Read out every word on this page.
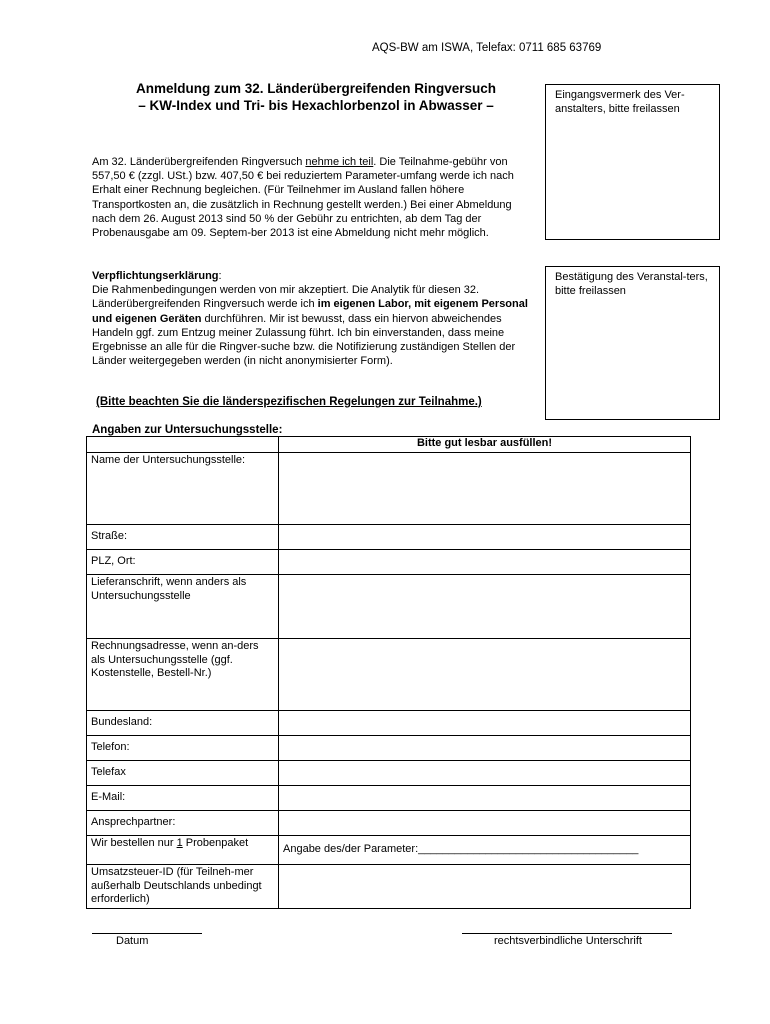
AQS-BW am ISWA, Telefax: 0711 685 63769
Anmeldung zum 32. Länderübergreifenden Ringversuch
– KW-Index und Tri- bis Hexachlorbenzol in Abwasser –
Eingangsvermerk des Ver-anstalters, bitte freilassen
Bestätigung des Veranstal-ters, bitte freilassen
Am 32. Länderübergreifenden Ringversuch nehme ich teil. Die Teilnahme-gebühr von 557,50 € (zzgl. USt.) bzw. 407,50 € bei reduziertem Parameter-umfang werde ich nach Erhalt einer Rechnung begleichen. (Für Teilnehmer im Ausland fallen höhere Transportkosten an, die zusätzlich in Rechnung gestellt werden.) Bei einer Abmeldung nach dem 26. August 2013 sind 50 % der Gebühr zu entrichten, ab dem Tag der Probenausgabe am 09. Septem-ber 2013 ist eine Abmeldung nicht mehr möglich.
Verpflichtungserklärung:
Die Rahmenbedingungen werden von mir akzeptiert. Die Analytik für diesen 32. Länderübergreifenden Ringversuch werde ich im eigenen Labor, mit eigenem Personal und eigenen Geräten durchführen. Mir ist bewusst, dass ein hiervon abweichendes Handeln ggf. zum Entzug meiner Zulassung führt. Ich bin einverstanden, dass meine Ergebnisse an alle für die Ringver-suche bzw. die Notifizierung zuständigen Stellen der Länder weitergegeben werden (in nicht anonymisierter Form).
(Bitte beachten Sie die länderspezifischen Regelungen zur Teilnahme.)
Angaben zur Untersuchungsstelle:
	Bitte gut lesbar ausfüllen!
Name der Untersuchungsstelle:	
Straße:	
PLZ, Ort:	
Lieferanschrift, wenn anders als Untersuchungsstelle	
Rechnungsadresse, wenn an-ders als Untersuchungsstelle (ggf. Kostenstelle, Bestell-Nr.)	
Bundesland:	
Telefon:	
Telefax	
E-Mail:	
Ansprechpartner:	
Wir bestellen nur 1 Probenpaket	Angabe des/der Parameter:____________________________________
Umsatzsteuer-ID (für Teilneh-mer außerhalb Deutschlands unbedingt erforderlich)	
Datum	rechtsverbindliche Unterschrift
